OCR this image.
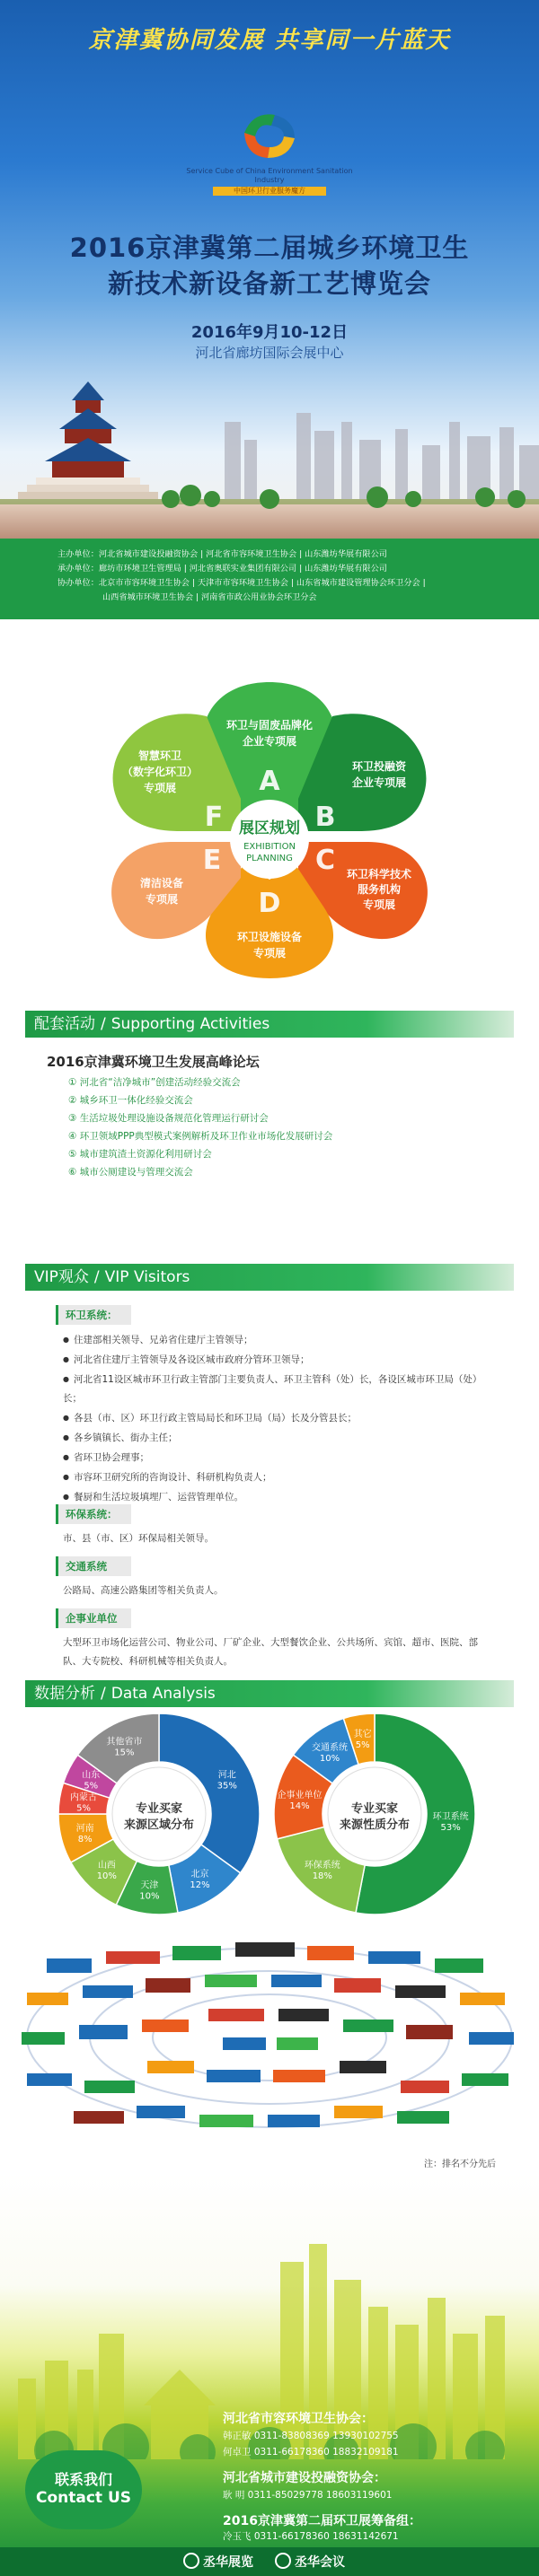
京津冀协同发展 共享同一片蓝天
Service Cube of China Environment Sanitation Industry
中国环卫行业服务魔方
2016京津冀第二届城乡环境卫生
新技术新设备新工艺博览会
2016年9月10-12日
河北省廊坊国际会展中心
主办单位：河北省城市建设投融资协会 | 河北省市容环境卫生协会 | 山东潍坊华展有限公司
承办单位：廊坊市环境卫生管理局 | 河北省奥联实业集团有限公司 | 山东潍坊华展有限公司
协办单位：北京市市容环境卫生协会 | 天津市市容环境卫生协会 | 山东省城市建设管理协会环卫分会 |
山西省城市环境卫生协会 | 河南省市政公用业协会环卫分会
环卫与固废品牌化
企业专项展
A	环卫投融资
企业专项展
B
环卫科学技术
服务机构
专项展
C
D
环卫设施设备
专项展
清洁设备
专项展
E
智慧环卫
（数字化环卫）
专项展
F 展区规划
EXHIBITION
PLANNING
配套活动 / Supporting Activities
2016京津冀环境卫生发展高峰论坛
① 河北省“洁净城市”创建活动经验交流会
② 城乡环卫一体化经验交流会
③ 生活垃圾处理设施设备规范化管理运行研讨会
④ 环卫领域PPP典型模式案例解析及环卫作业市场化发展研讨会
⑤ 城市建筑渣土资源化利用研讨会
⑥ 城市公厕建设与管理交流会
VIP观众 / VIP Visitors
环卫系统：
● 住建部相关领导、兄弟省住建厅主管领导；
● 河北省住建厅主管领导及各设区城市政府分管环卫领导；
● 河北省11设区城市环卫行政主管部门主要负责人、环卫主管科（处）长，各设区城市环卫局（处）长；
● 各县（市、区）环卫行政主管局局长和环卫局（局）长及分管县长；
● 各乡镇镇长、街办主任；
● 省环卫协会理事；
● 市容环卫研究所的咨询设计、科研机构负责人；
● 餐厨和生活垃圾填埋厂、运营管理单位。
环保系统：
市、县（市、区）环保局相关领导。
交通系统
公路局、高速公路集团等相关负责人。
企事业单位
大型环卫市场化运营公司、物业公司、厂矿企业、大型餐饮企业、公共场所、宾馆、超市、医院、部队、大专院校、科研机械等相关负责人。
数据分析 / Data Analysis
河北
35%
北京
12%
天津
10%
山西
10%
河南
8%
内蒙古
5%
山东
5%
其他省市
15%
专业买家
来源区域分布
环卫系统
53%
环保系统
18%
企事业单位
14%
交通系统
10%
其它
5%
专业买家
来源性质分布
注：排名不分先后
联系我们
Contact US
河北省市容环境卫生协会：
韩正敏 0311-83808369 13930102755
何卓卫 0311-66178360 18832109181
河北省城市建设投融资协会：
耿 明 0311-85029778 18603119601
2016京津冀第二届环卫展筹备组：
冷玉飞 0311-66178360 18631142671
丞华展览	丞华会议
